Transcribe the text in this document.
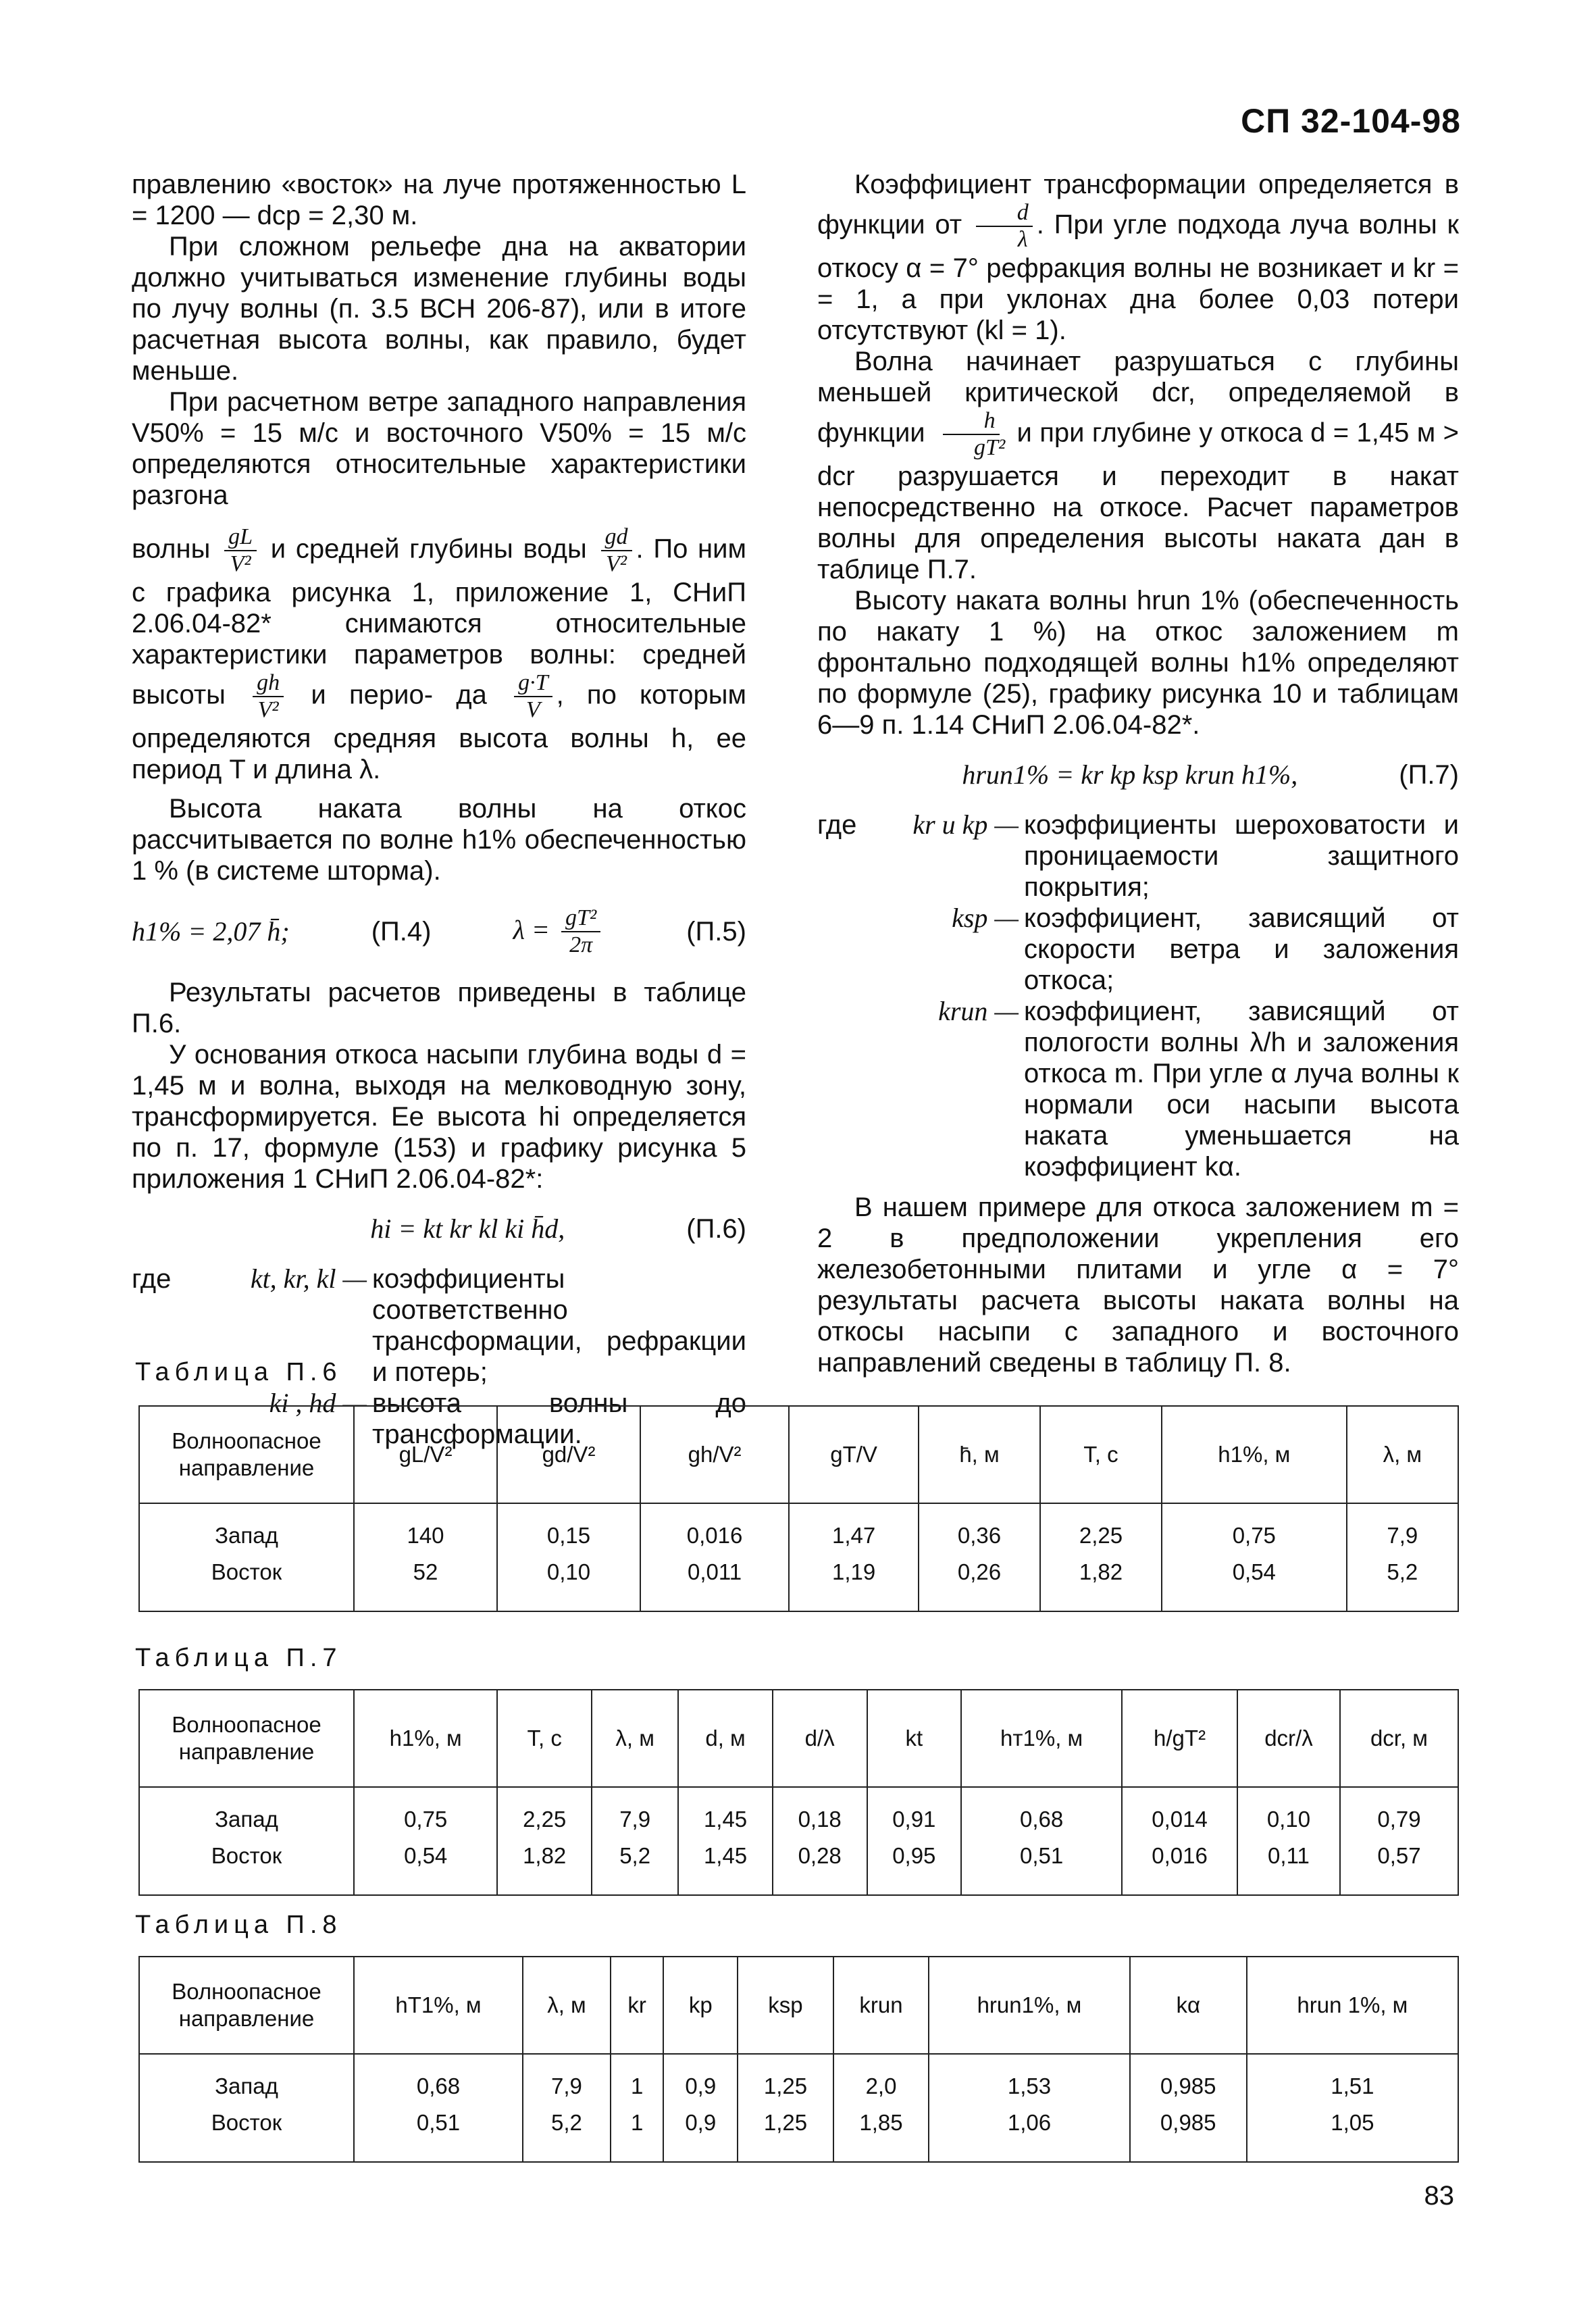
СП 32-104-98

правлению «восток» на луче протяженностью L = 1200 — dср = 2,30 м.

При сложном рельефе дна на акватории должно учитываться изменение глубины воды по лучу волны (п. 3.5 ВСН 206-87), или в итоге расчетная высота волны, как правило, будет меньше.

При расчетном ветре западного направления V50% = 15 м/с и восточного V50% = 15 м/с определяются относительные характеристики разгона

волны $\frac{gL}{\text{V²}}$ и средней глубины воды $\frac{gd}{\text{V²}}$ . По ним с графика рисунка 1, приложение 1, СНиП 2.06.04-82* снимаются относительные характеристики параметров волны: средней высоты $\frac{gh}{\text{V²}}$ и перио- да $\frac{g\cdot T}{V}$ , по которым определяются средняя высота волны h, ее период T и длина λ.

Высота наката волны на откос рассчитывается по волне h1% обеспеченностью 1 % (в системе шторма).

h1% = 2,07 h̄;	(П.4)	$\lambda = \frac{\text{gT²}}{2\pi}$	(П.5)

Результаты расчетов приведены в таблице П.6.

У основания откоса насыпи глубина воды d = 1,45 м и волна, выходя на мелководную зону, трансформируется. Ее высота hi определяется по п. 17, формуле (153) и графику рисунка 5 приложения 1 СНиП 2.06.04-82*:

hi = kt kr kl ki h̄d,	(П.6)
где	kt, kr, kl — коэффициенты соответственно трансформации, рефракции и потерь;
ki , hd — высота волны до трансформации.

Коэффициент трансформации определяется в функции от $\frac{d}{\lambda}$ . При угле подхода луча волны к откосу α = 7° рефракция волны не возникает и kr = = 1, а при уклонах дна более 0,03 потери отсутствуют (kl = 1).

Волна начинает разрушаться с глубины меньшей критической dcr, определяемой в функции $\frac{h}{\text{gT²}}$ и при глубине у откоса d = 1,45 м > dcr разрушается и переходит в накат непосредственно на откосе. Расчет параметров волны для определения высоты наката дан в таблице П.7.

Высоту наката волны hrun 1% (обеспеченность по накату 1 %) на откос заложением m фронтально подходящей волны h1% определяют по формуле (25), графику рисунка 10 и таблицам 6—9 п. 1.14 СНиП 2.06.04-82*.

hrun1% = kr kp ksp krun h1%,	(П.7)
где	kr и kp — коэффициенты шероховатости и проницаемости защитного покрытия;
ksp — коэффициент, зависящий от скорости ветра и заложения откоса;
krun — коэффициент, зависящий от пологости волны λ/h и заложения откоса m. При угле α луча волны к нормали оси насыпи высота наката уменьшается на коэффициент kα.

В нашем примере для откоса заложением m = 2 в предположении укрепления его железобетонными плитами и угле α = 7° результаты расчета высоты наката волны на откосы насыпи с западного и восточного направлений сведены в таблицу П. 8.

Таблица П.6
Волноопасное направление	gL/V²	gd/V²	gh/V²	gT/V	h̄, м	T, c	h1%, м	λ, м
Запад	140	0,15	0,016	1,47	0,36	2,25	0,75	7,9
Восток	52	0,10	0,011	1,19	0,26	1,82	0,54	5,2
Таблица П.7
Волноопасное направление	h1%, м	T, c	λ, м	d, м	d/λ	kt	hт1%, м	h/gT²	dcr/λ	dcr, м
Запад	0,75	2,25	7,9	1,45	0,18	0,91	0,68	0,014	0,10	0,79
Восток	0,54	1,82	5,2	1,45	0,28	0,95	0,51	0,016	0,11	0,57
Таблица П.8
Волноопасное направление	hT1%, м	λ, м	kr	kp	ksp	krun	hrun1%, м	kα	hrun 1%, м
Запад	0,68	7,9	1	0,9	1,25	2,0	1,53	0,985	1,51
Восток	0,51	5,2	1	0,9	1,25	1,85	1,06	0,985	1,05
83
